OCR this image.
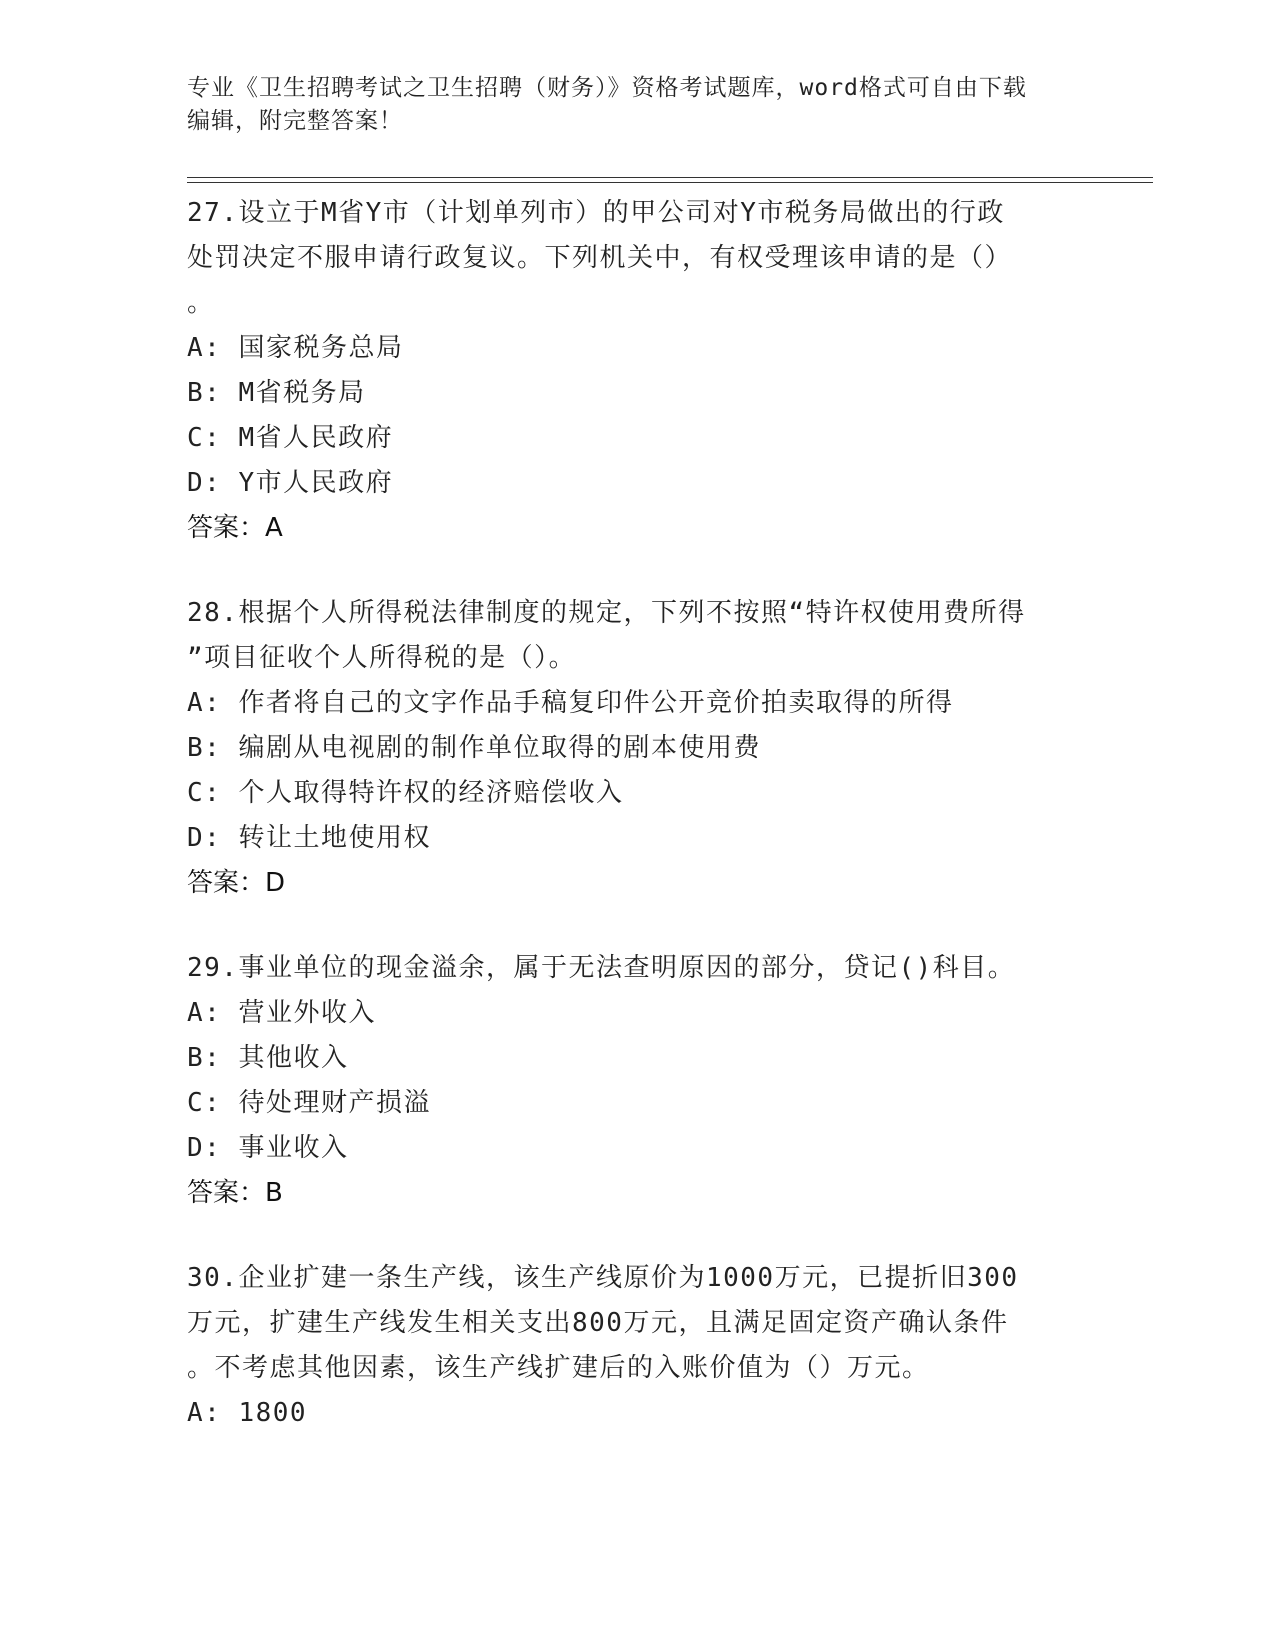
专业《卫生招聘考试之卫生招聘（财务）》资格考试题库，word格式可自由下载
编辑，附完整答案！
27.设立于M省Y市（计划单列市）的甲公司对Y市税务局做出的行政
处罚决定不服申请行政复议。下列机关中，有权受理该申请的是（）
。
A: 国家税务总局
B: M省税务局
C: M省人民政府
D: Y市人民政府
答案：A
28.根据个人所得税法律制度的规定，下列不按照“特许权使用费所得
”项目征收个人所得税的是（）。
A: 作者将自己的文字作品手稿复印件公开竞价拍卖取得的所得
B: 编剧从电视剧的制作单位取得的剧本使用费
C: 个人取得特许权的经济赔偿收入
D: 转让土地使用权
答案：D
29.事业单位的现金溢余，属于无法查明原因的部分，贷记()科目。
A: 营业外收入
B: 其他收入
C: 待处理财产损溢
D: 事业收入
答案：B
30.企业扩建一条生产线，该生产线原价为1000万元，已提折旧300
万元，扩建生产线发生相关支出800万元，且满足固定资产确认条件
。不考虑其他因素，该生产线扩建后的入账价值为（）万元。
A: 1800
